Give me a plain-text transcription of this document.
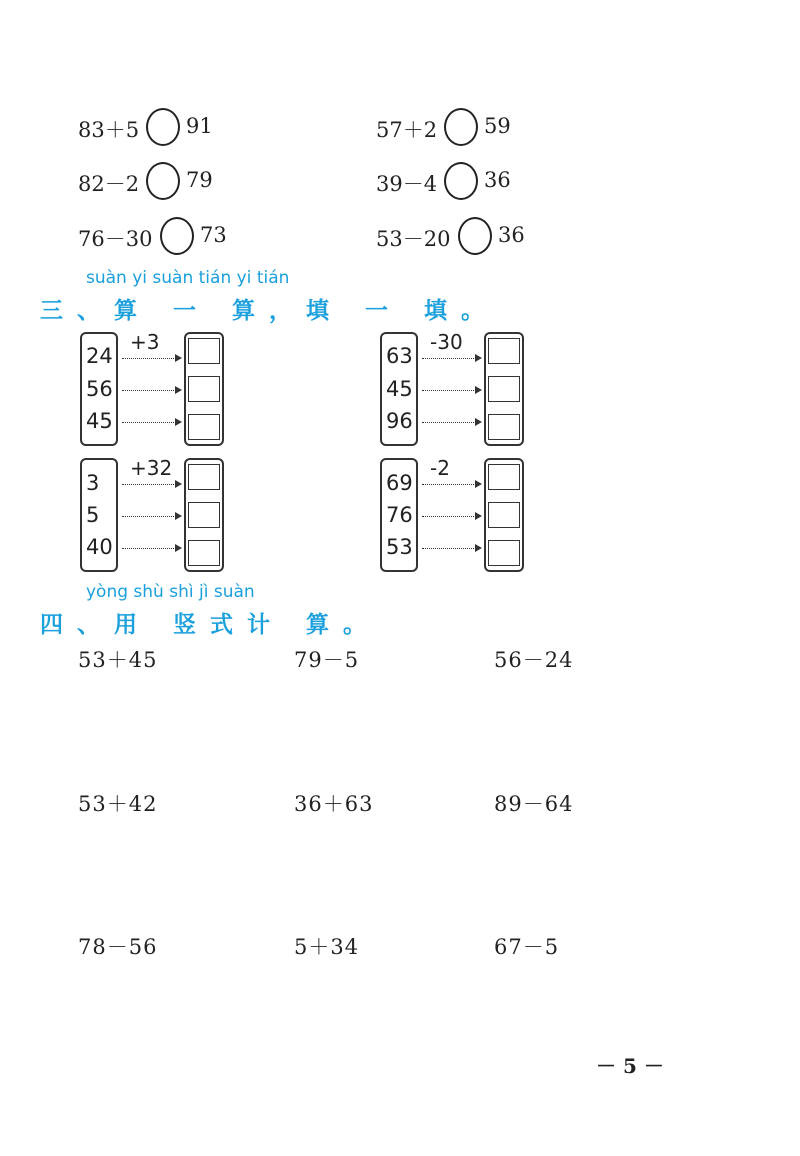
83＋5 91	57＋2 59
82－2 79	39－4 36
76－30 73	53－20 36
suàn yi suàn tián yi tián
三、算 一 算，填 一 填。
24
56
45
+3
63
45
96
-30
3
5
40
+32
69
76
53
-2
yòng shù shì jì suàn
四、用 竖式计 算。
53＋45	79－5	56－24
53＋42	36＋63	89－64
78－56	5＋34	67－5
－ 5 －
